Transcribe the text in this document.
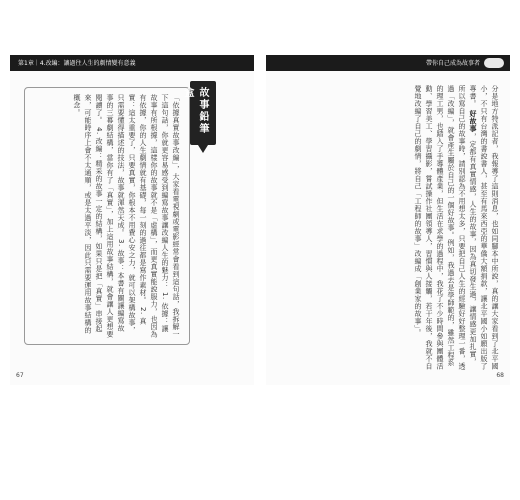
第1章｜4.改編：讓過往人生的劇情變有意義
「依據真實故事改編」，大家看電視劇或電影經常會看到這句話，我拆解一下這句話，你就更容易感受到編寫故事讓改編人生的魅力： 1. 依據：讓故事有所根據，這樣你的故事就不是「虛構」，而更真實能說服力，也因為有依據，你的人生劇情就有基礎，每一刻的過往都是寫作素材。 2. 真實：這太重要了，只要真實，你根本不用費心安之力，就可以架構故事，只需要懂得描述的技法，故事就渾然天成。 3. 故事：本書有關讓編寫故事的三幕劇結構，當你有了「真實」，加上這用故事結構，就會讓人更想要閱讀了。 4. 改編：精采的故事一定的結構，如果只是把「真實」串接起來，可能時序上會不太通順，或是太過平淡，因此只需要運用故事結構的概念。	故事鉛筆盒
67
帶你自己成為故事者
分是地方特派記者，我報導了這則消息，也如同腳本中所說，真的讓大家看到了北平國小，不只有台灣的書說書人，甚至有馬來西亞的華僑大額捐款，讓北平國小如願出版了專書。 好故事，定都有真實情感，人生的故事，因為真切發生過，讓情感更加扎實，所以寫自己的故事時，請別認為不用想太多，只要把自己人生的經驗好好整理一番，透過「改編」，就會產生屬於自己的一個好故事。例如，我過去是學師範的，雖然工程系的理工男，也踏入了手導體產業，但生活在求學的過程中，我花了不少時間參與團體活動、學習美工、學習攝影，嘗試操作社團領導人，習慣與人接觸，若干年後，我就不自覺地改編了自己的劇情，將自己「工程師的故事」改編成「創業家的故事」。
68
